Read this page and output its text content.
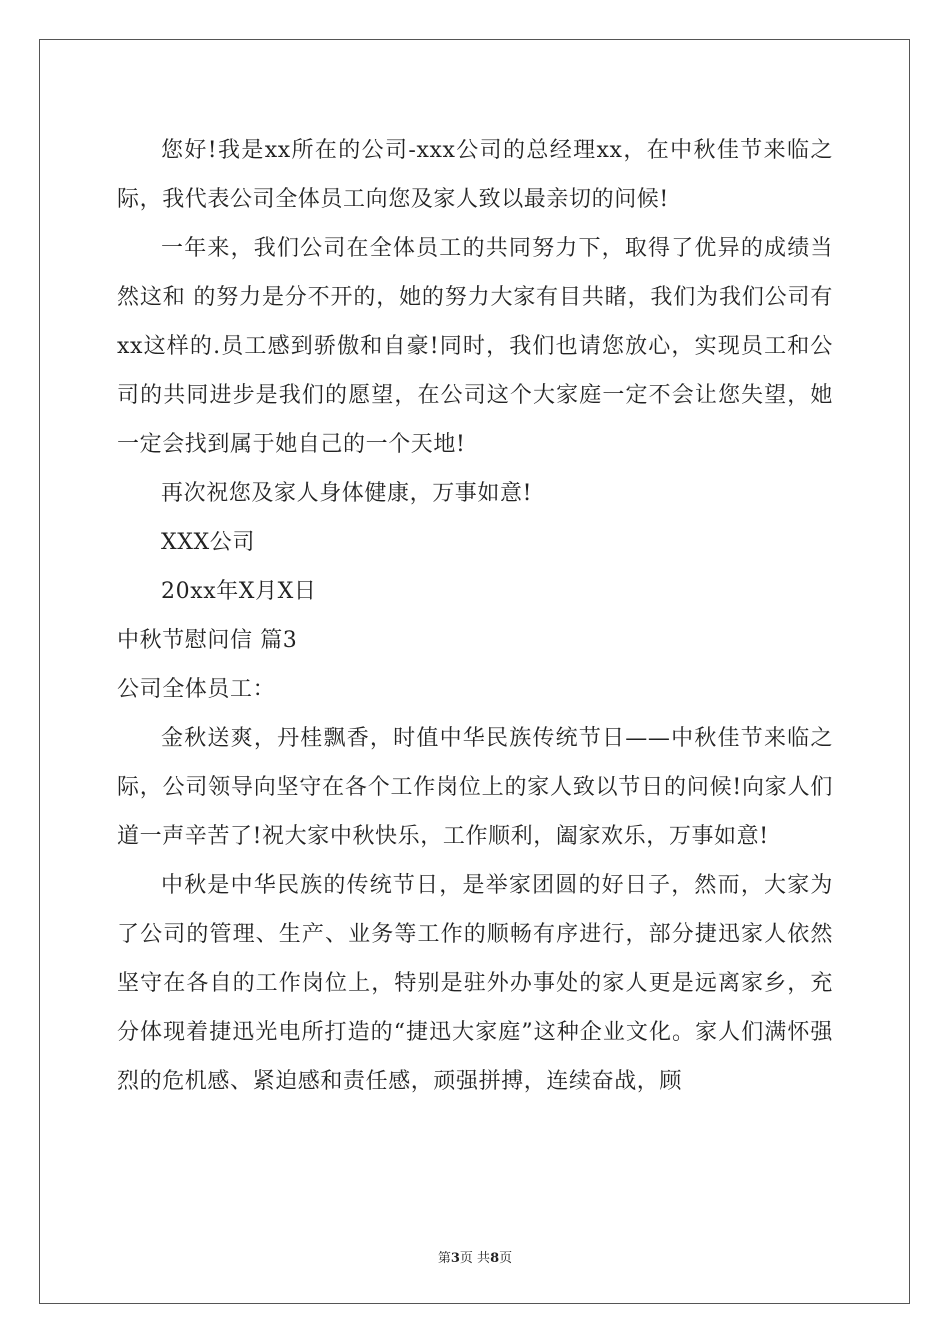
您好!我是xx所在的公司-xxx公司的总经理xx，在中秋佳节来临之际，我代表公司全体员工向您及家人致以最亲切的问候!

一年来，我们公司在全体员工的共同努力下，取得了优异的成绩当然这和 的努力是分不开的，她的努力大家有目共睹，我们为我们公司有xx这样的.员工感到骄傲和自豪!同时，我们也请您放心，实现员工和公司的共同进步是我们的愿望，在公司这个大家庭一定不会让您失望，她一定会找到属于她自己的一个天地!

再次祝您及家人身体健康，万事如意!

XXX公司

20xx年X月X日

中秋节慰问信 篇3

公司全体员工：

金秋送爽，丹桂飘香，时值中华民族传统节日——中秋佳节来临之际，公司领导向坚守在各个工作岗位上的家人致以节日的问候!向家人们道一声辛苦了!祝大家中秋快乐，工作顺利，阖家欢乐，万事如意!

中秋是中华民族的传统节日，是举家团圆的好日子，然而，大家为了公司的管理、生产、业务等工作的顺畅有序进行，部分捷迅家人依然坚守在各自的工作岗位上，特别是驻外办事处的家人更是远离家乡，充分体现着捷迅光电所打造的“捷迅大家庭”这种企业文化。家人们满怀强烈的危机感、紧迫感和责任感，顽强拼搏，连续奋战，顾

第3页 共8页
